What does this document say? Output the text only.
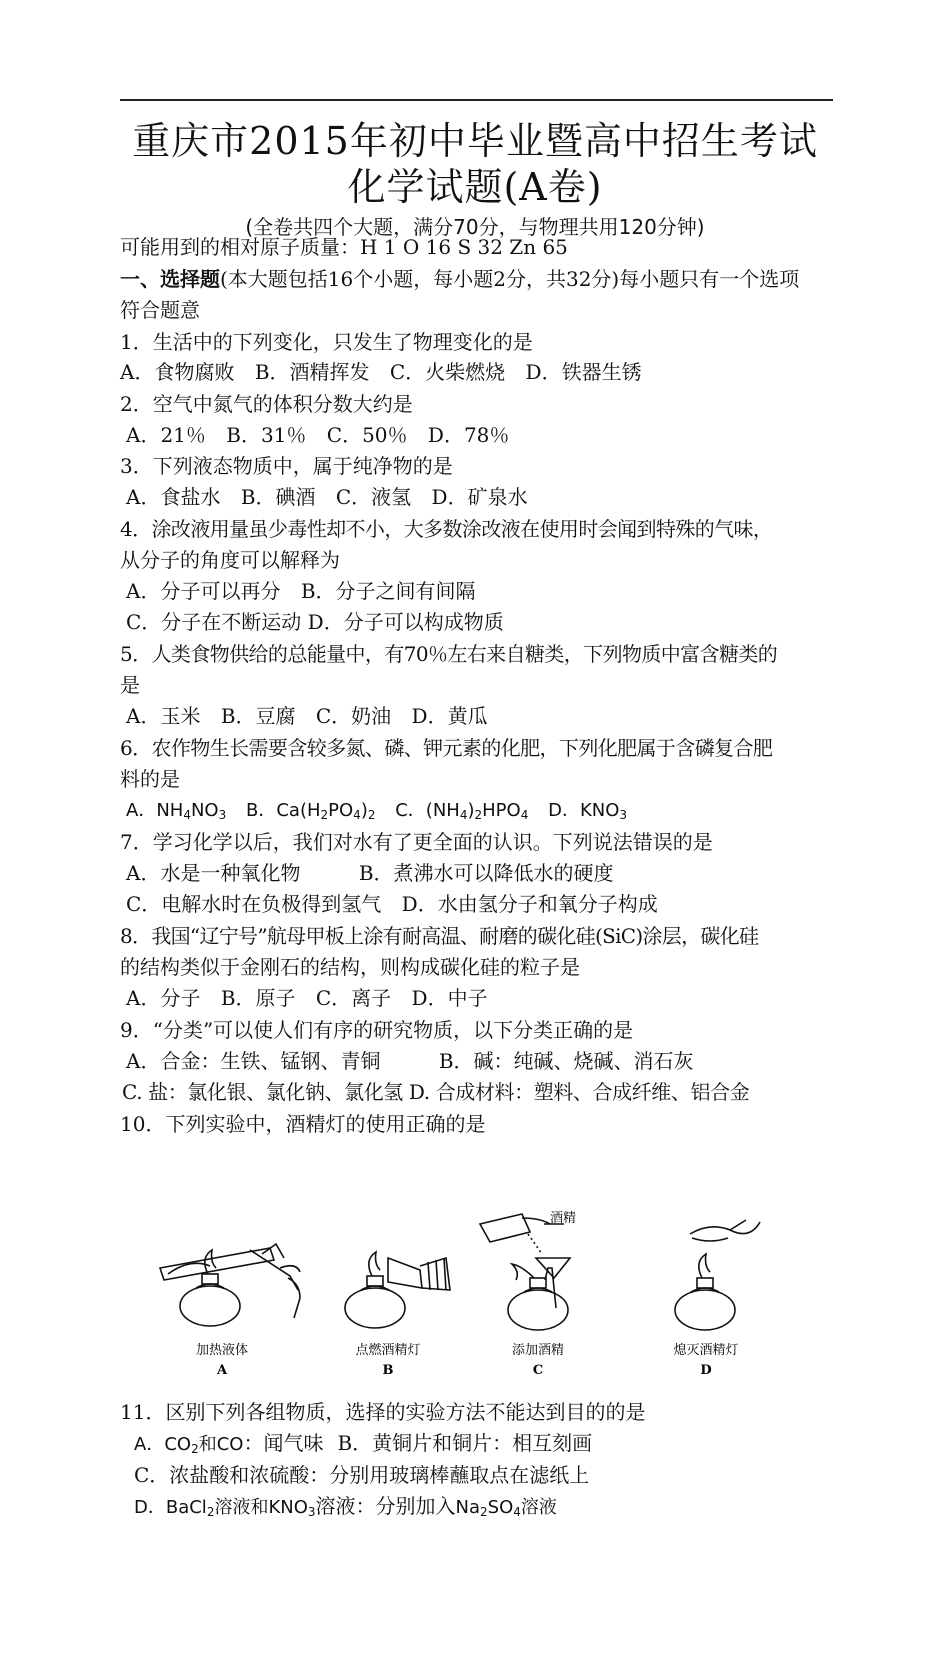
重庆市2015年初中毕业暨高中招生考试
化学试题(A卷)
(全卷共四个大题，满分70分，与物理共用120分钟)
可能用到的相对原子质量：H 1 O 16 S 32 Zn 65
一、选择题(本大题包括16个小题，每小题2分，共32分)每小题只有一个选项
符合题意
1．生活中的下列变化，只发生了物理变化的是
A．食物腐败 B．酒精挥发 C．火柴燃烧 D．铁器生锈
2．空气中氮气的体积分数大约是
A．21％ B．31％ C．50％ D．78％
3．下列液态物质中，属于纯净物的是
A．食盐水 B．碘酒 C．液氢 D．矿泉水
4．涂改液用量虽少毒性却不小，大多数涂改液在使用时会闻到特殊的气味，
从分子的角度可以解释为
A．分子可以再分 B．分子之间有间隔
C．分子在不断运动 D．分子可以构成物质
5．人类食物供给的总能量中，有70％左右来自糖类，下列物质中富含糖类的
是
A．玉米 B．豆腐 C．奶油 D．黄瓜
6．农作物生长需要含较多氮、磷、钾元素的化肥，下列化肥属于含磷复合肥
料的是
A．$NH_4NO_3$ B．$Ca(H_2PO_4)_2$ C．$(NH_4)_2HPO_4$ D．$KNO_3$
7．学习化学以后，我们对水有了更全面的认识。下列说法错误的是
A．水是一种氧化物	B．煮沸水可以降低水的硬度
C．电解水时在负极得到氢气 D．水由氢分子和氧分子构成
8．我国“辽宁号”航母甲板上涂有耐高温、耐磨的碳化硅(SiC)涂层，碳化硅
的结构类似于金刚石的结构，则构成碳化硅的粒子是
A．分子 B．原子 C．离子 D．中子
9．“分类”可以使人们有序的研究物质，以下分类正确的是
A．合金：生铁、锰钢、青铜	B．碱：纯碱、烧碱、消石灰
C. 盐：氯化银、氯化钠、氯化氢 D. 合成材料：塑料、合成纤维、铝合金
10．下列实验中，酒精灯的使用正确的是
酒精
加热液体	点燃酒精灯	添加酒精	熄灭酒精灯
A	B	C	D
11．区别下列各组物质，选择的实验方法不能达到目的的是
A．$CO_2$和CO：闻气味 B．黄铜片和铜片：相互刻画
C．浓盐酸和浓硫酸：分别用玻璃棒蘸取点在滤纸上
D．BaCl$_2$溶液和$KNO_3$溶液：分别加入$Na_2SO_4$溶液
